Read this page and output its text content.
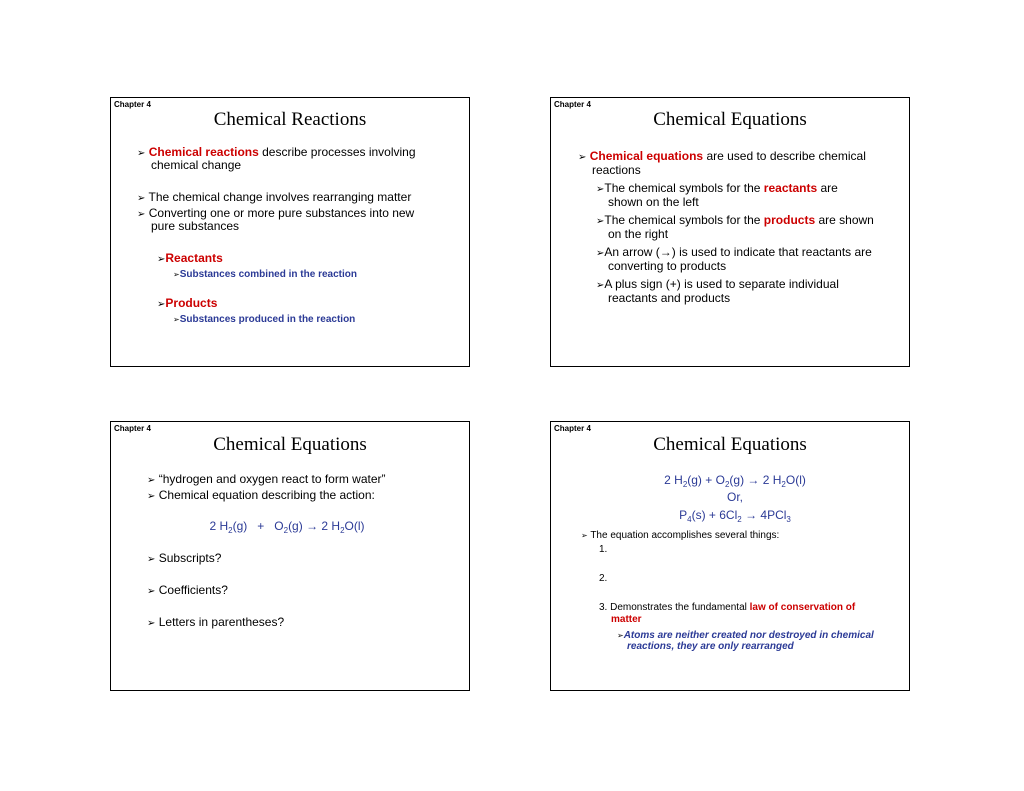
Chapter 4
Chemical Reactions
➢ Chemical reactions describe processes involving
chemical change
➢ The chemical change involves rearranging matter
➢ Converting one or more pure substances into new
pure substances
➢Reactants
➢Substances combined in the reaction
➢Products
➢Substances produced in the reaction
Chapter 4
Chemical Equations
➢ Chemical equations are used to describe chemical
reactions
➢The chemical symbols for the reactants are
shown on the left
➢The chemical symbols for the products are shown
on the right
➢An arrow (→) is used to indicate that reactants are
converting to products
➢A plus sign (+) is used to separate individual
reactants and products
Chapter 4
Chemical Equations
➢ “hydrogen and oxygen react to form water”
➢ Chemical equation describing the action:
2 $H_2(g) + O_2(g) \to 2$ $H_2O(l)$
➢ Subscripts?
➢ Coefficients?
➢ Letters in parentheses?
Chapter 4
Chemical Equations
2 $H_2(g) + O_2(g) \to 2$ $H_2O(l)$
Or,
$P_4(s) + 6Cl_2 \to 4PCl_3$
➢ The equation accomplishes several things:
1.
2.
3. Demonstrates the fundamental law of conservation of
matter
➢Atoms are neither created nor destroyed in chemical
reactions, they are only rearranged
